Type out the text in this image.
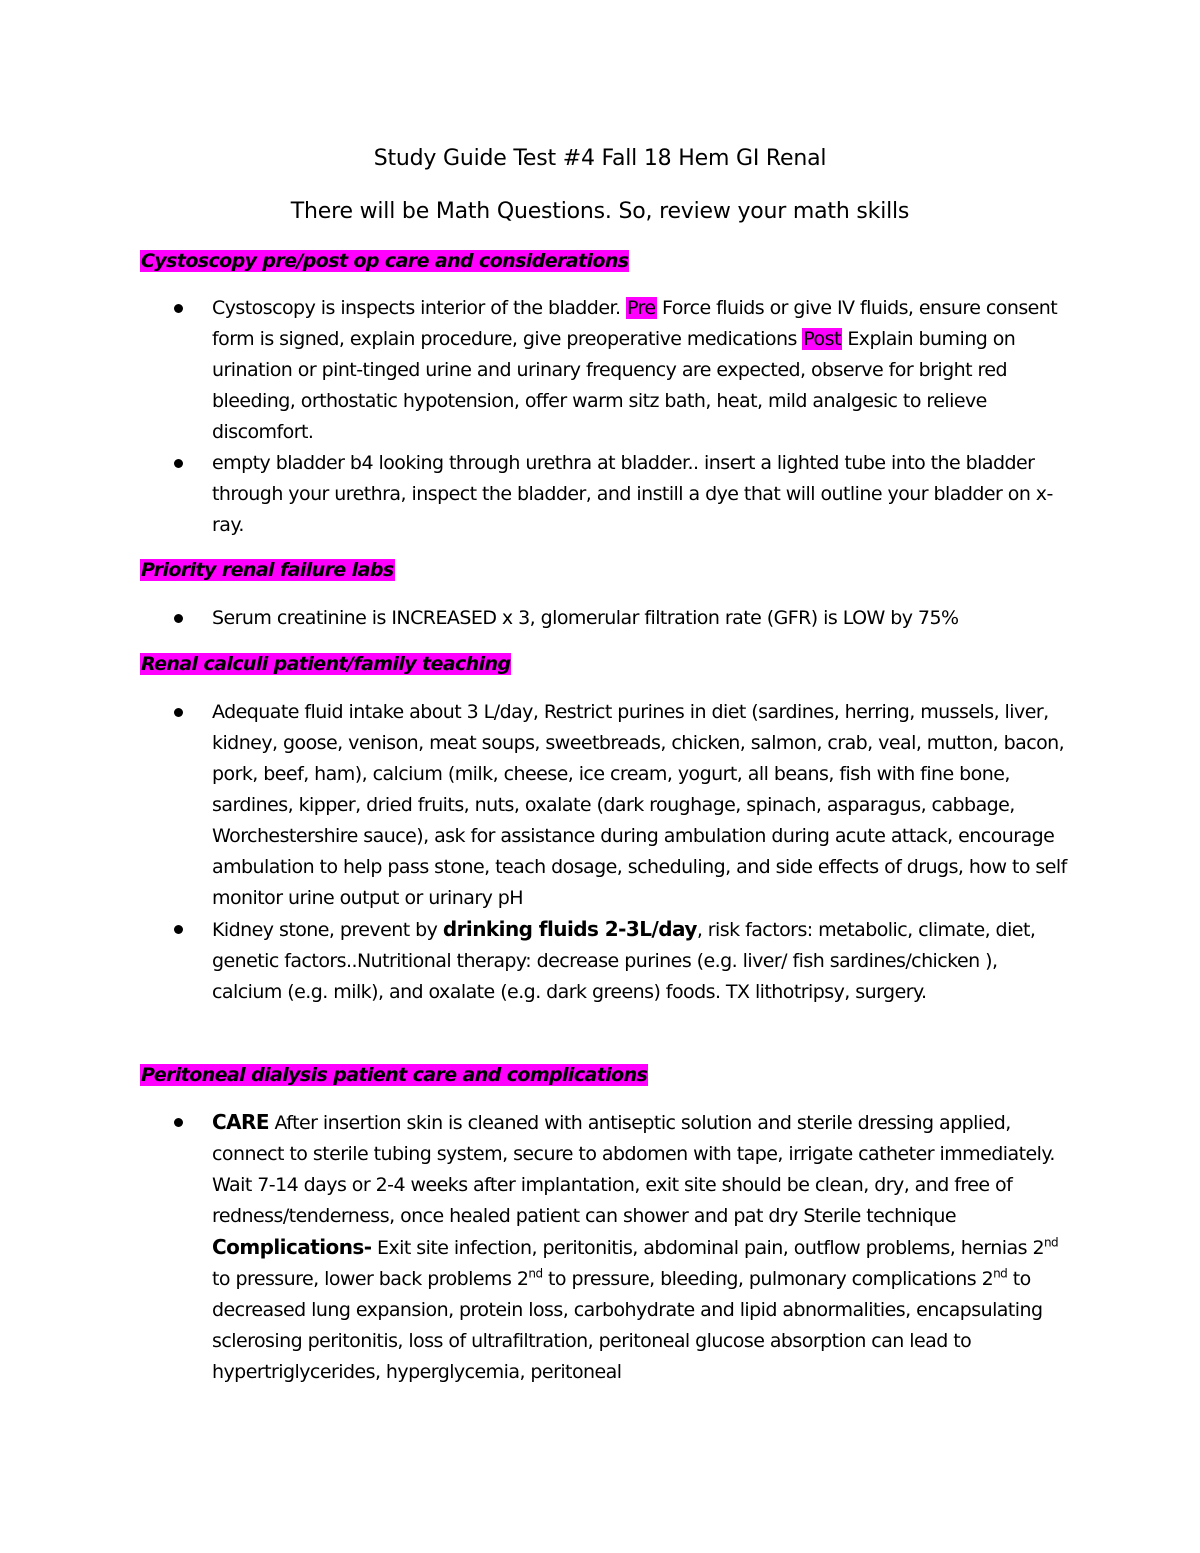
Study Guide Test #4 Fall 18 Hem GI Renal
There will be Math Questions. So, review your math skills
Cystoscopy pre/post op care and considerations
Cystoscopy is inspects interior of the bladder. Pre Force fluids or give IV fluids, ensure consent form is signed, explain procedure, give preoperative medications Post Explain buming on urination or pint-tinged urine and urinary frequency are expected, observe for bright red bleeding, orthostatic hypotension, offer warm sitz bath, heat, mild analgesic to relieve discomfort.
empty bladder b4 looking through urethra at bladder.. insert a lighted tube into the bladder through your urethra, inspect the bladder, and instill a dye that will outline your bladder on x-ray.
Priority renal failure labs
Serum creatinine is INCREASED x 3, glomerular filtration rate (GFR) is LOW by 75%
Renal calculi patient/family teaching
Adequate fluid intake about 3 L/day, Restrict purines in diet (sardines, herring, mussels, liver, kidney, goose, venison, meat soups, sweetbreads, chicken, salmon, crab, veal, mutton, bacon, pork, beef, ham), calcium (milk, cheese, ice cream, yogurt, all beans, fish with fine bone, sardines, kipper, dried fruits, nuts, oxalate (dark roughage, spinach, asparagus, cabbage, Worchestershire sauce), ask for assistance during ambulation during acute attack, encourage ambulation to help pass stone, teach dosage, scheduling, and side effects of drugs, how to self monitor urine output or urinary pH
Kidney stone, prevent by drinking fluids 2-3L/day, risk factors: metabolic, climate, diet, genetic factors..Nutritional therapy: decrease purines (e.g. liver/ fish sardines/chicken ), calcium (e.g. milk), and oxalate (e.g. dark greens) foods. TX lithotripsy, surgery.
Peritoneal dialysis patient care and complications
CARE After insertion skin is cleaned with antiseptic solution and sterile dressing applied, connect to sterile tubing system, secure to abdomen with tape, irrigate catheter immediately. Wait 7-14 days or 2-4 weeks after implantation, exit site should be clean, dry, and free of redness/tenderness, once healed patient can shower and pat dry Sterile technique Complications- Exit site infection, peritonitis, abdominal pain, outflow problems, hernias 2nd to pressure, lower back problems 2nd to pressure, bleeding, pulmonary complications 2nd to decreased lung expansion, protein loss, carbohydrate and lipid abnormalities, encapsulating sclerosing peritonitis, loss of ultrafiltration, peritoneal glucose absorption can lead to hypertriglycerides, hyperglycemia, peritoneal
